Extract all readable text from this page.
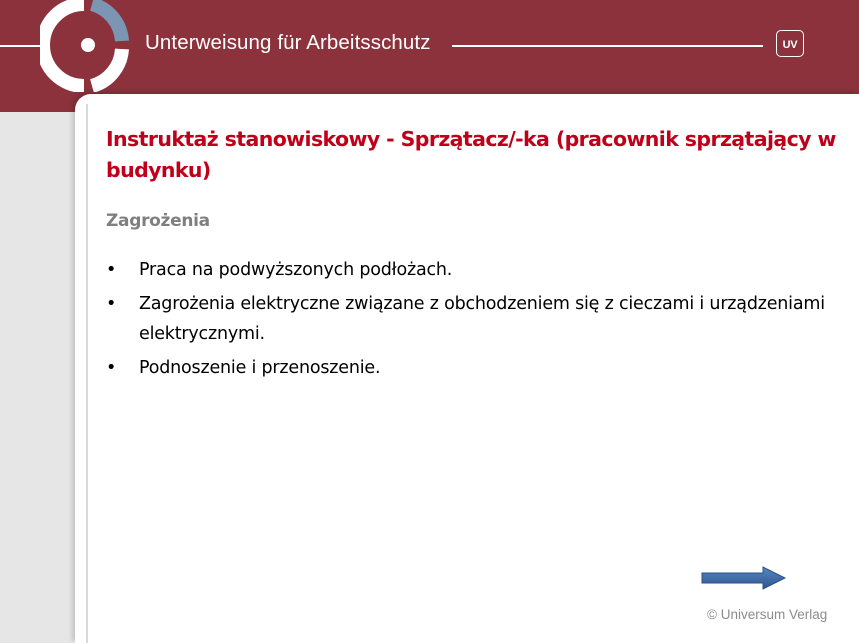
Unterweisung für Arbeitsschutz	UV
Instruktaż stanowiskowy - Sprzątacz/-ka (pracownik sprzątający w budynku)
Zagrożenia
• Praca na podwyższonych podłożach.
• Zagrożenia elektryczne związane z obchodzeniem się z cieczami i urządzeniami elektrycznymi.
• Podnoszenie i przenoszenie.
© Universum Verlag
